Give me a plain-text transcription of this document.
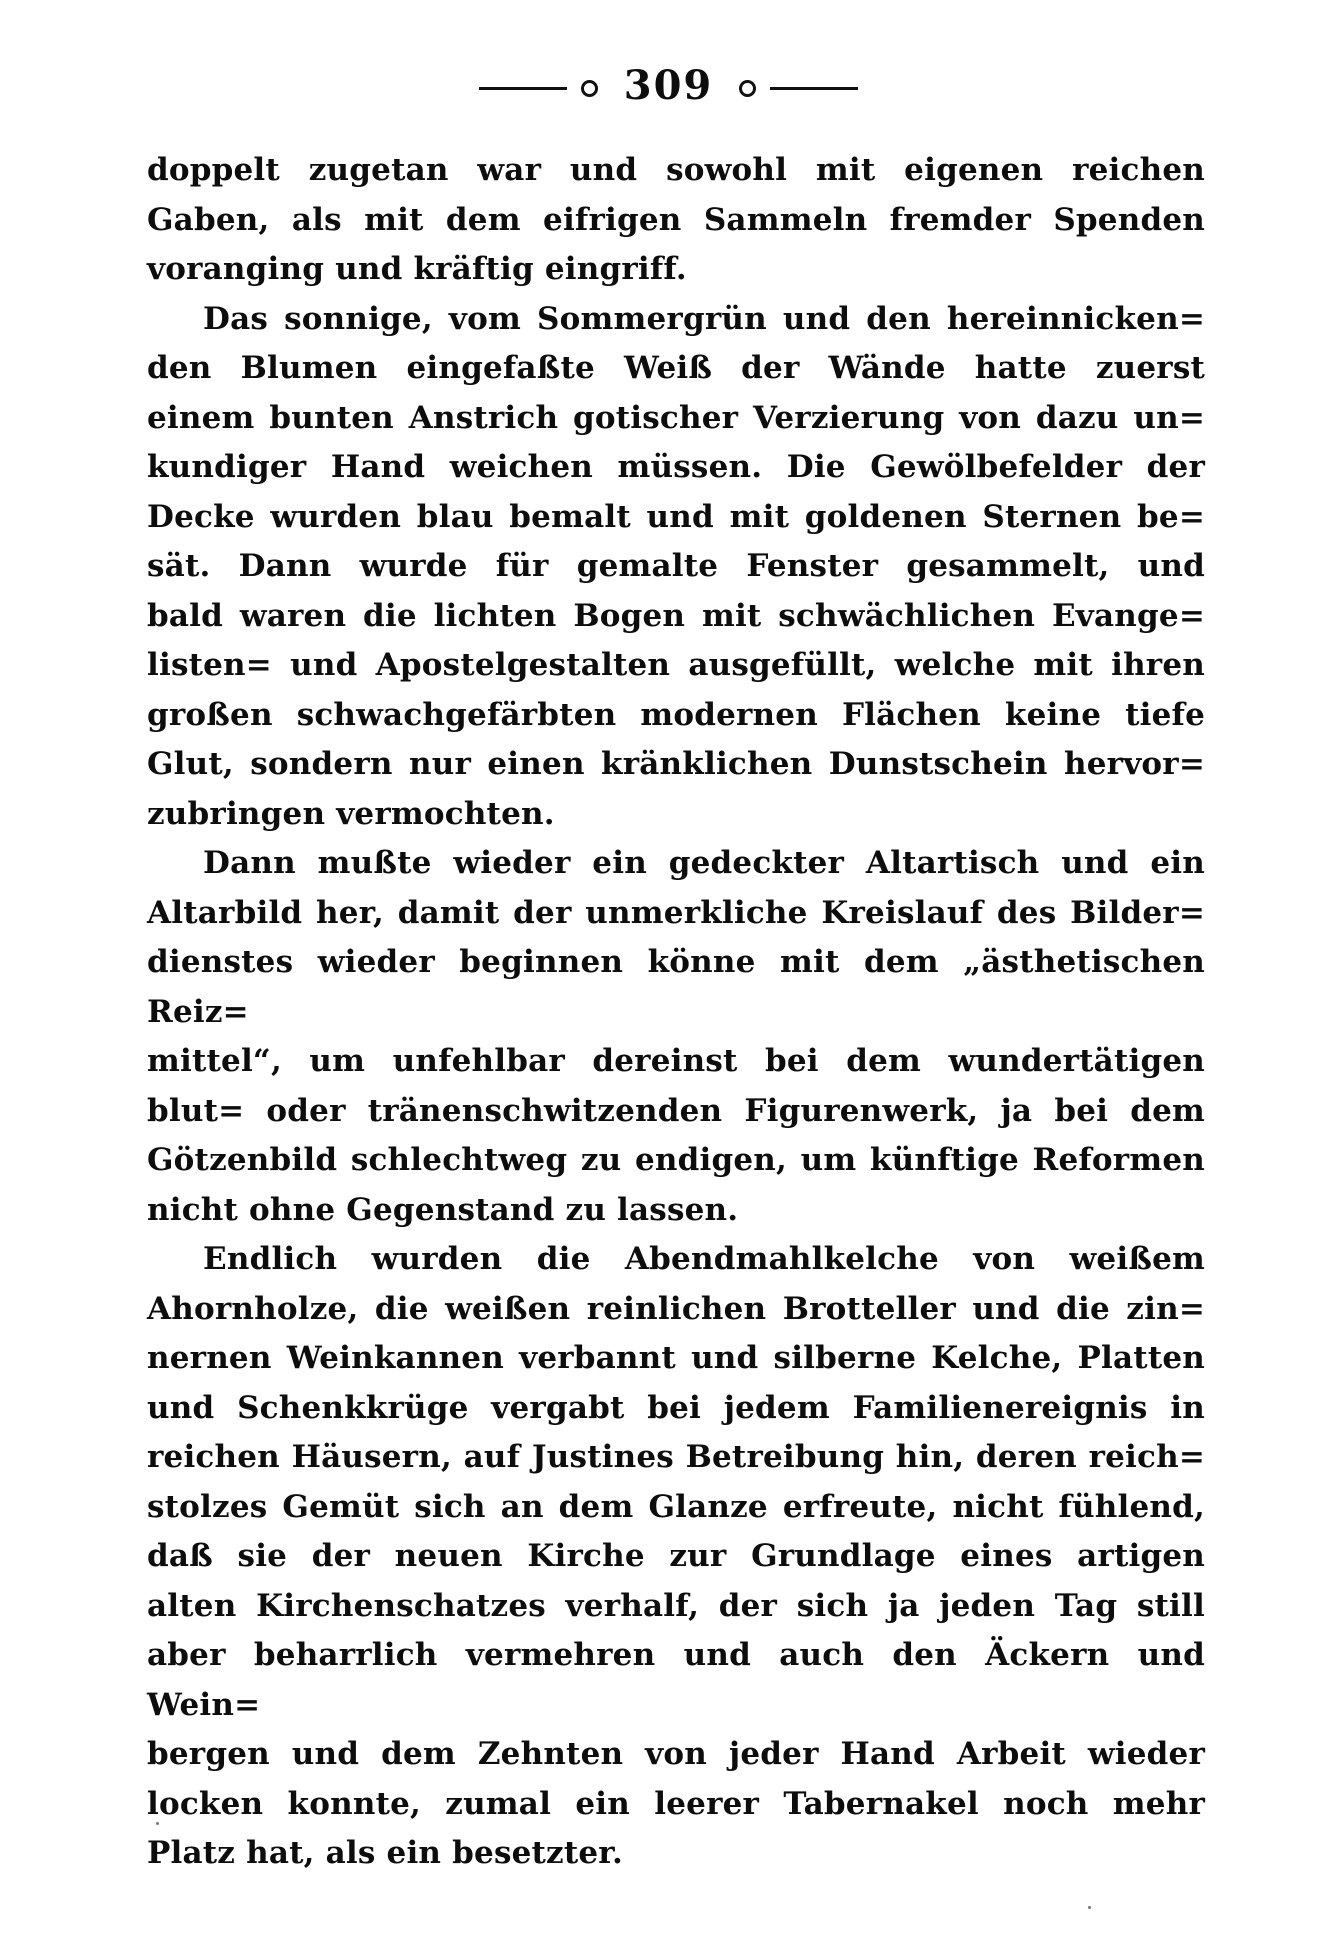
309
doppelt zugetan war und sowohl mit eigenen reichen
Gaben, als mit dem eifrigen Sammeln fremder Spenden
voranging und kräftig eingriff.
Das sonnige, vom Sommergrün und den hereinnicken=
den Blumen eingefaßte Weiß der Wände hatte zuerst
einem bunten Anstrich gotischer Verzierung von dazu un=
kundiger Hand weichen müssen. Die Gewölbefelder der
Decke wurden blau bemalt und mit goldenen Sternen be=
sät. Dann wurde für gemalte Fenster gesammelt, und
bald waren die lichten Bogen mit schwächlichen Evange=
listen= und Apostelgestalten ausgefüllt, welche mit ihren
großen schwachgefärbten modernen Flächen keine tiefe
Glut, sondern nur einen kränklichen Dunstschein hervor=
zubringen vermochten.
Dann mußte wieder ein gedeckter Altartisch und ein
Altarbild her, damit der unmerkliche Kreislauf des Bilder=
dienstes wieder beginnen könne mit dem „ästhetischen Reiz=
mittel“, um unfehlbar dereinst bei dem wundertätigen
blut= oder tränenschwitzenden Figurenwerk, ja bei dem
Götzenbild schlechtweg zu endigen, um künftige Reformen
nicht ohne Gegenstand zu lassen.
Endlich wurden die Abendmahlkelche von weißem
Ahornholze, die weißen reinlichen Brotteller und die zin=
nernen Weinkannen verbannt und silberne Kelche, Platten
und Schenkkrüge vergabt bei jedem Familienereignis in
reichen Häusern, auf Justines Betreibung hin, deren reich=
stolzes Gemüt sich an dem Glanze erfreute, nicht fühlend,
daß sie der neuen Kirche zur Grundlage eines artigen
alten Kirchenschatzes verhalf, der sich ja jeden Tag still
aber beharrlich vermehren und auch den Äckern und Wein=
bergen und dem Zehnten von jeder Hand Arbeit wieder
locken konnte, zumal ein leerer Tabernakel noch mehr
Platz hat, als ein besetzter.
